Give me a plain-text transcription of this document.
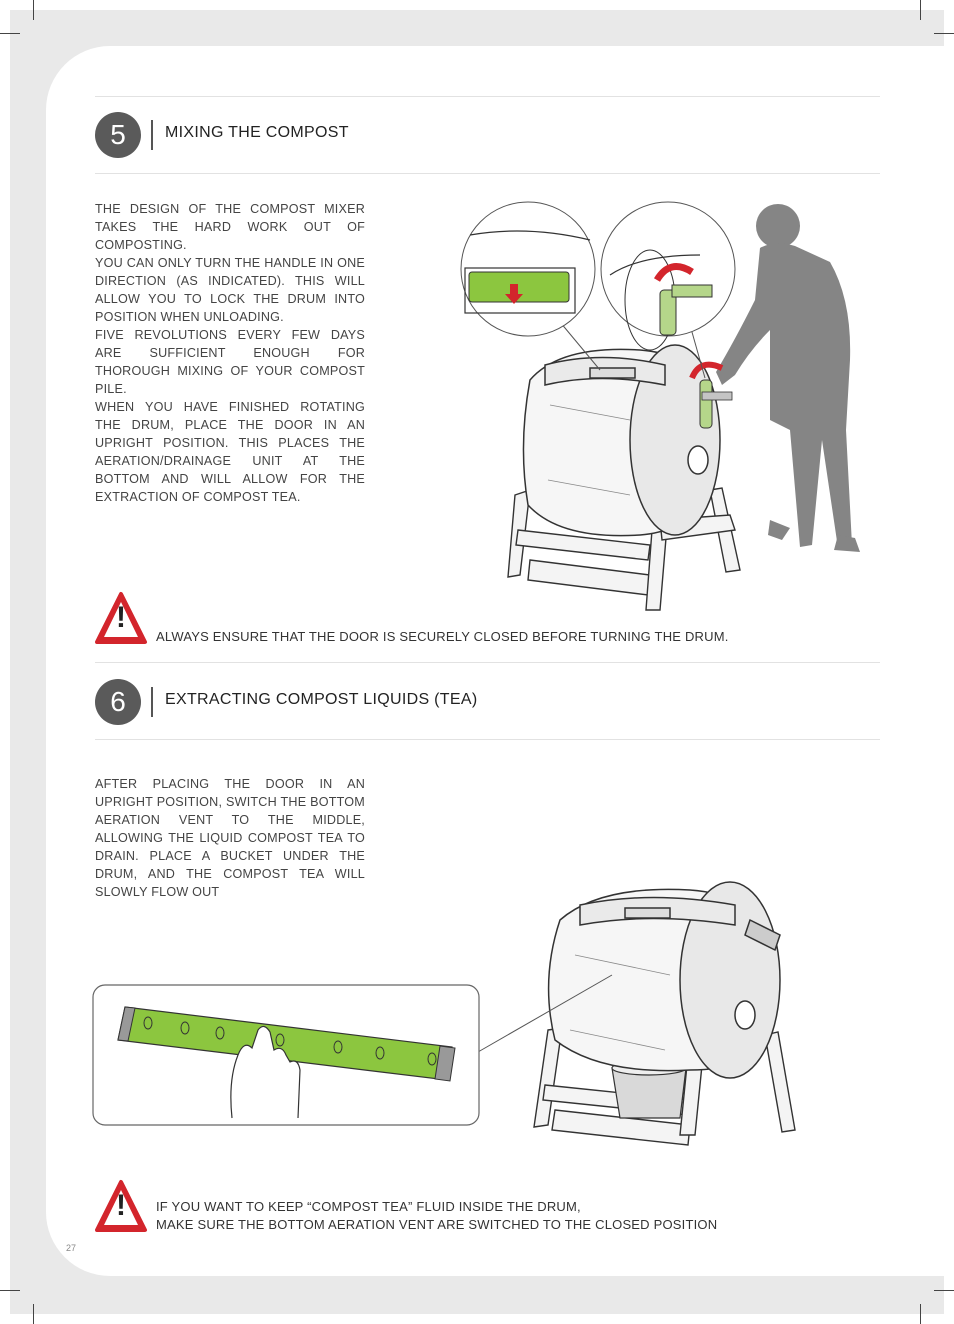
5	MIXING THE COMPOST

THE DESIGN OF THE COMPOST MIXER TAKES THE HARD WORK OUT OF COMPOSTING.

YOU CAN ONLY TURN THE HANDLE IN ONE DIRECTION (AS INDICATED). THIS WILL ALLOW YOU TO LOCK THE DRUM INTO POSITION WHEN UNLOADING.

FIVE REVOLUTIONS EVERY FEW DAYS ARE SUFFICIENT ENOUGH FOR THOROUGH MIXING OF YOUR COMPOST PILE.

WHEN YOU HAVE FINISHED ROTATING THE DRUM, PLACE THE DOOR IN AN UPRIGHT POSITION. THIS PLACES THE AERATION/DRAINAGE UNIT AT THE BOTTOM AND WILL ALLOW FOR THE EXTRACTION OF COMPOST TEA.

!
ALWAYS ENSURE THAT THE DOOR IS SECURELY CLOSED BEFORE TURNING THE DRUM.
6	EXTRACTING COMPOST LIQUIDS (TEA)

AFTER PLACING THE DOOR IN AN UPRIGHT POSITION, SWITCH THE BOTTOM AERATION VENT TO THE MIDDLE, ALLOWING THE LIQUID COMPOST TEA TO DRAIN. PLACE A BUCKET UNDER THE DRUM, AND THE COMPOST TEA WILL SLOWLY FLOW OUT

!	IF YOU WANT TO KEEP “COMPOST TEA” FLUID INSIDE THE DRUM,
MAKE SURE THE BOTTOM AERATION VENT ARE SWITCHED TO THE CLOSED POSITION
27
